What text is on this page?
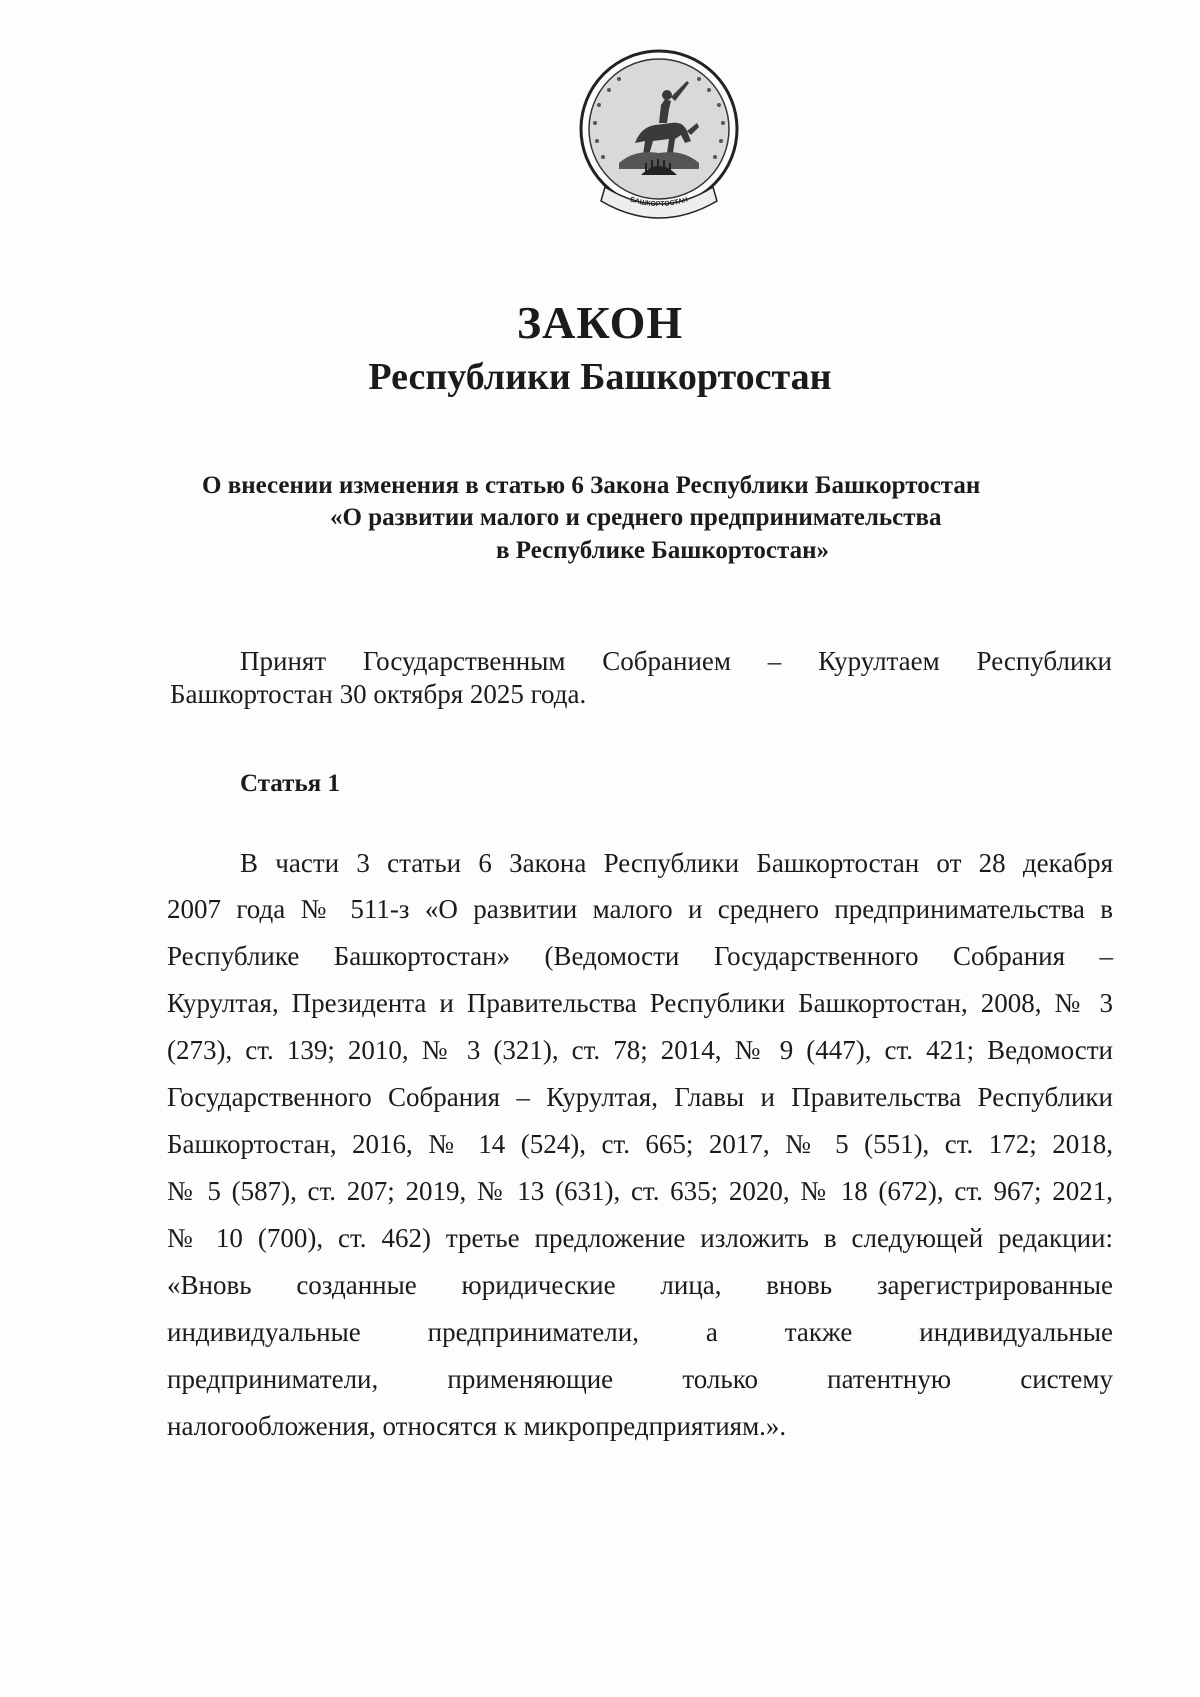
БАШКОРТОСТАН
ЗАКОН
Республики Башкортостан

О внесении изменения в статью 6 Закона Республики Башкортостан

«О развитии малого и среднего предпринимательства

в Республике Башкортостан»

Принят Государственным Собранием – Курултаем Республики Башкортостан 30 октября 2025 года.

Статья 1

В части 3 статьи 6 Закона Республики Башкортостан от 28 декабря

2007 года № 511-з «О развитии малого и среднего предпринимательства в

Республике Башкортостан» (Ведомости Государственного Собрания –

Курултая, Президента и Правительства Республики Башкортостан, 2008, № 3

(273), ст. 139; 2010, № 3 (321), ст. 78; 2014, № 9 (447), ст. 421; Ведомости

Государственного Собрания – Курултая, Главы и Правительства Республики

Башкортостан, 2016, № 14 (524), ст. 665; 2017, № 5 (551), ст. 172; 2018,

№ 5 (587), ст. 207; 2019, № 13 (631), ст. 635; 2020, № 18 (672), ст. 967; 2021,

№ 10 (700), ст. 462) третье предложение изложить в следующей редакции:

«Вновь созданные юридические лица, вновь зарегистрированные

индивидуальные предприниматели, а также индивидуальные

предприниматели, применяющие только патентную систему

налогообложения, относятся к микропредприятиям.».
